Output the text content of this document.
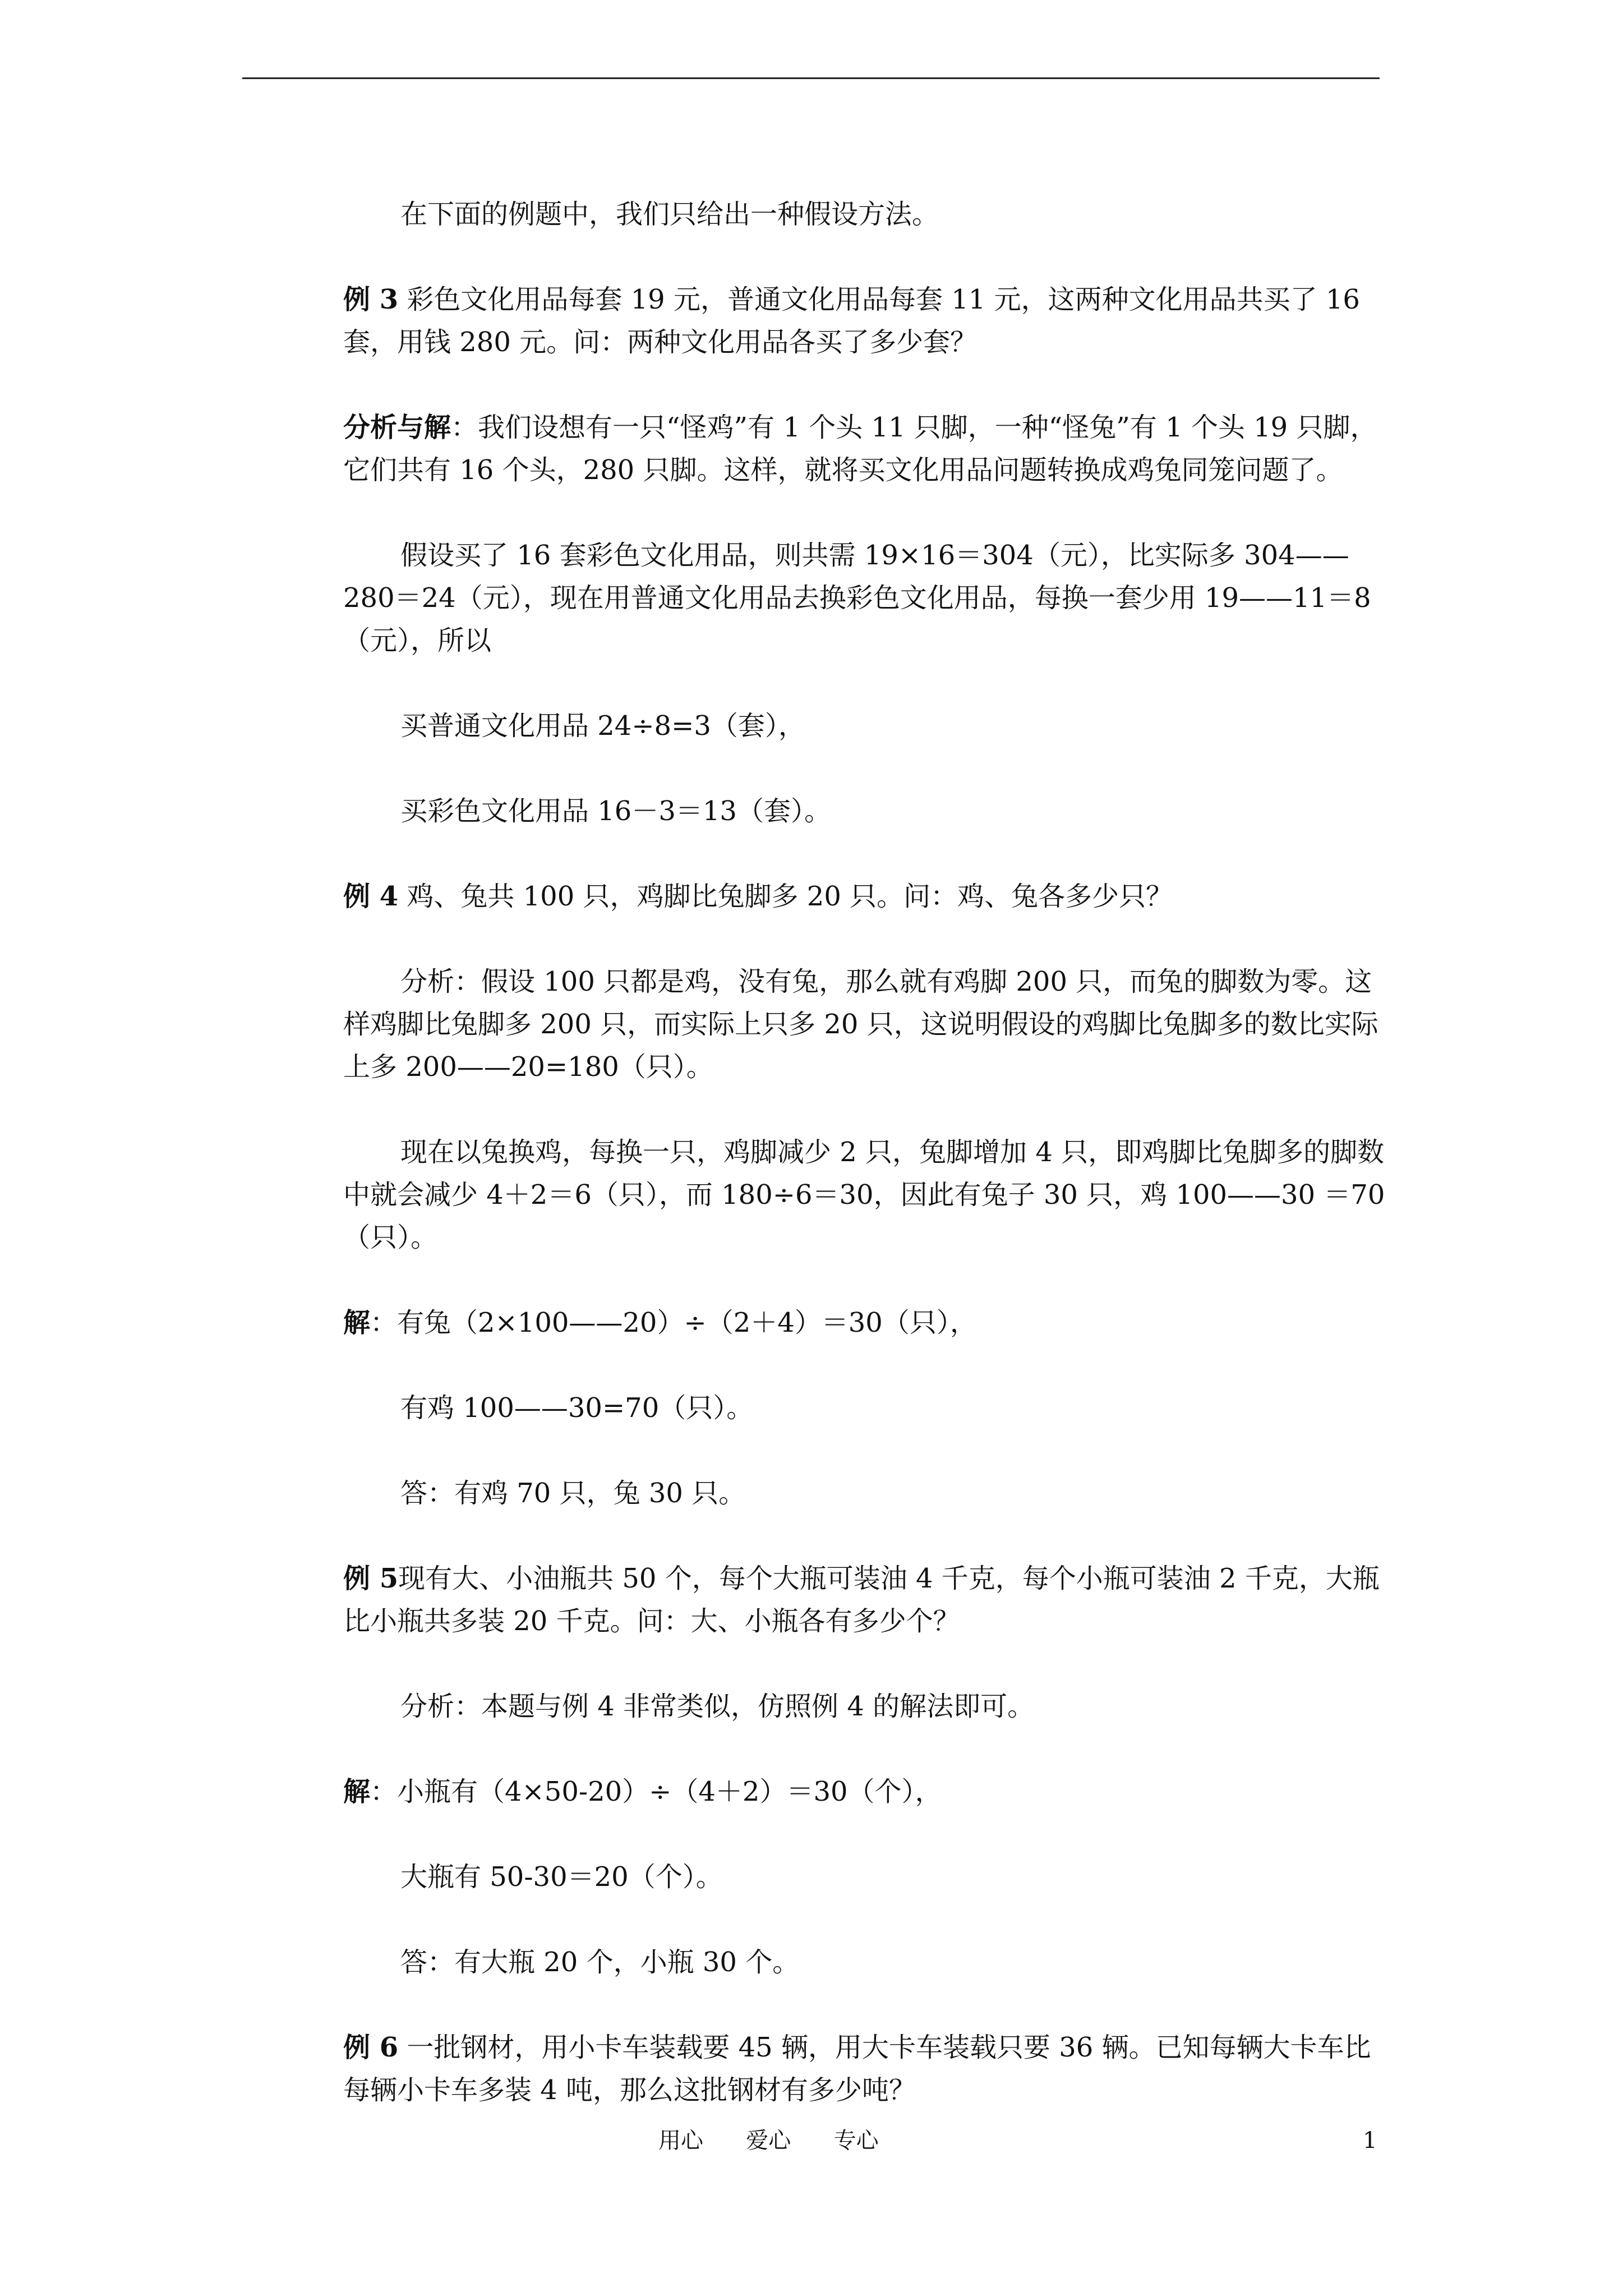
在下面的例题中，我们只给出一种假设方法。

例 3 彩色文化用品每套 19 元，普通文化用品每套 11 元，这两种文化用品共买了 16 套，用钱 280 元。问：两种文化用品各买了多少套？

分析与解：我们设想有一只“怪鸡”有 1 个头 11 只脚，一种“怪兔”有 1 个头 19 只脚，它们共有 16 个头，280 只脚。这样，就将买文化用品问题转换成鸡兔同笼问题了。

假设买了 16 套彩色文化用品，则共需 19×16＝304（元），比实际多 304——280＝24（元），现在用普通文化用品去换彩色文化用品，每换一套少用 19——11＝8（元），所以

买普通文化用品 24÷8=3（套），

买彩色文化用品 16－3＝13（套）。

例 4 鸡、兔共 100 只，鸡脚比兔脚多 20 只。问：鸡、兔各多少只？

分析：假设 100 只都是鸡，没有兔，那么就有鸡脚 200 只，而兔的脚数为零。这样鸡脚比兔脚多 200 只，而实际上只多 20 只，这说明假设的鸡脚比兔脚多的数比实际上多 200——20=180（只）。

现在以兔换鸡，每换一只，鸡脚减少 2 只，兔脚增加 4 只，即鸡脚比兔脚多的脚数中就会减少 4＋2＝6（只），而 180÷6＝30，因此有兔子 30 只，鸡 100——30 ＝70（只）。

解：有兔（2×100——20）÷（2＋4）＝30（只），

有鸡 100——30=70（只）。

答：有鸡 70 只，兔 30 只。

例 5现有大、小油瓶共 50 个，每个大瓶可装油 4 千克，每个小瓶可装油 2 千克，大瓶比小瓶共多装 20 千克。问：大、小瓶各有多少个？

分析：本题与例 4 非常类似，仿照例 4 的解法即可。

解：小瓶有（4×50-20）÷（4＋2）＝30（个），

大瓶有 50-30＝20（个）。

答：有大瓶 20 个，小瓶 30 个。

例 6 一批钢材，用小卡车装载要 45 辆，用大卡车装载只要 36 辆。已知每辆大卡车比每辆小卡车多装 4 吨，那么这批钢材有多少吨？

用心      爱心      专心	1
